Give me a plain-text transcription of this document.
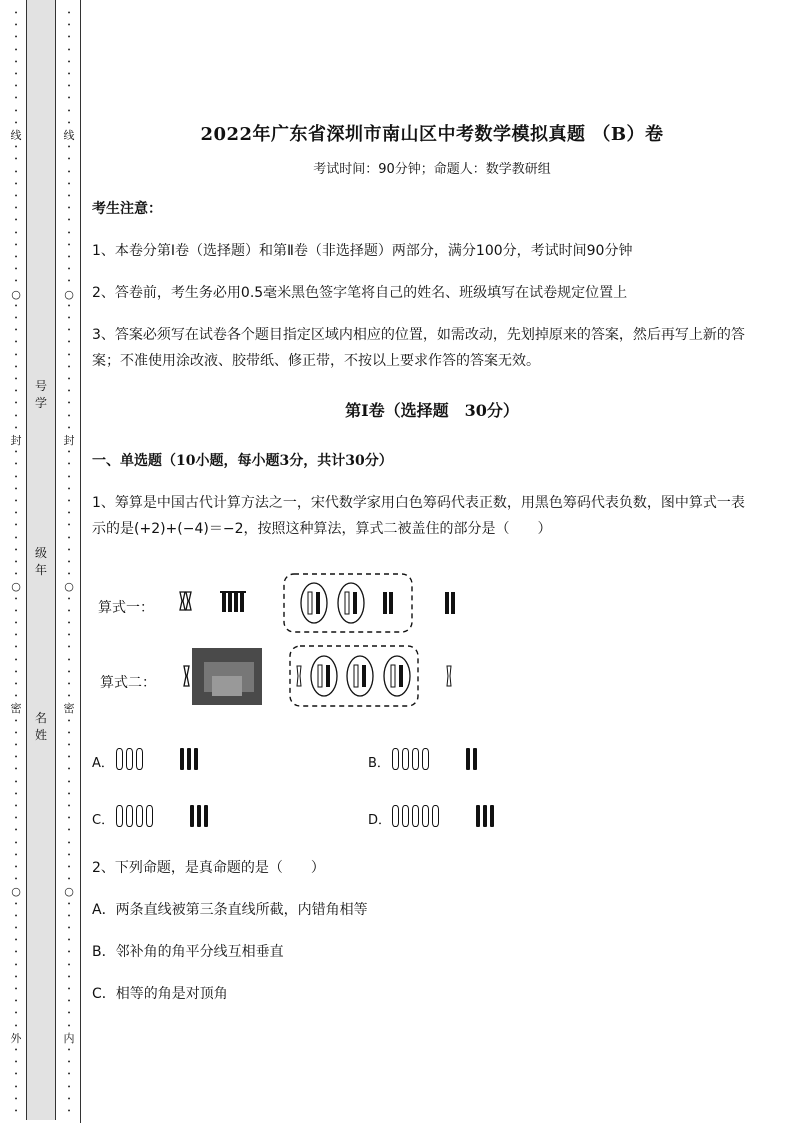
•
•
•
•
•
•
•
•
•
•
线
•
•
•
•
•
•
•
•
•
•
•
•
○
•
•
•
•
•
•
•
•
•
•
•
封
•
•
•
•
•
•
•
•
•
•
•
○
•
•
•
•
•
•
•
•
•
密
•
•
•
•
•
•
•
•
•
•
•
•
•
•
○
•
•
•
•
•
•
•
•
•
•
•
外
•
•
•
•
•
•
号学
级年
名姓
•
•
•
•
•
•
•
•
•
•
线
•
•
•
•
•
•
•
•
•
•
•
•
○
•
•
•
•
•
•
•
•
•
•
•
封
•
•
•
•
•
•
•
•
•
•
•
○
•
•
•
•
•
•
•
•
•
密
•
•
•
•
•
•
•
•
•
•
•
•
•
•
○
•
•
•
•
•
•
•
•
•
•
•
内
•
•
•
•
•
•
2022年广东省深圳市南山区中考数学模拟真题 （B）卷
考试时间：90分钟；命题人：数学教研组
考生注意：
1、本卷分第Ⅰ卷（选择题）和第Ⅱ卷（非选择题）两部分，满分100分，考试时间90分钟
2、答卷前，考生务必用0.5毫米黑色签字笔将自己的姓名、班级填写在试卷规定位置上
3、答案必须写在试卷各个题目指定区域内相应的位置，如需改动，先划掉原来的答案，然后再写上新的答案；不准使用涂改液、胶带纸、修正带，不按以上要求作答的答案无效。
第Ⅰ卷（选择题　30分）
一、单选题（10小题，每小题3分，共计30分）
1、筹算是中国古代计算方法之一，宋代数学家用白色筹码代表正数，用黑色筹码代表负数，图中算式一表示的是(+2)+(−4)＝−2，按照这种算法，算式二被盖住的部分是（　　）
算式一：
算式二：
A．	B．
C．	D．
2、下列命题，是真命题的是（　　）
A．两条直线被第三条直线所截，内错角相等
B．邻补角的角平分线互相垂直
C．相等的角是对顶角
